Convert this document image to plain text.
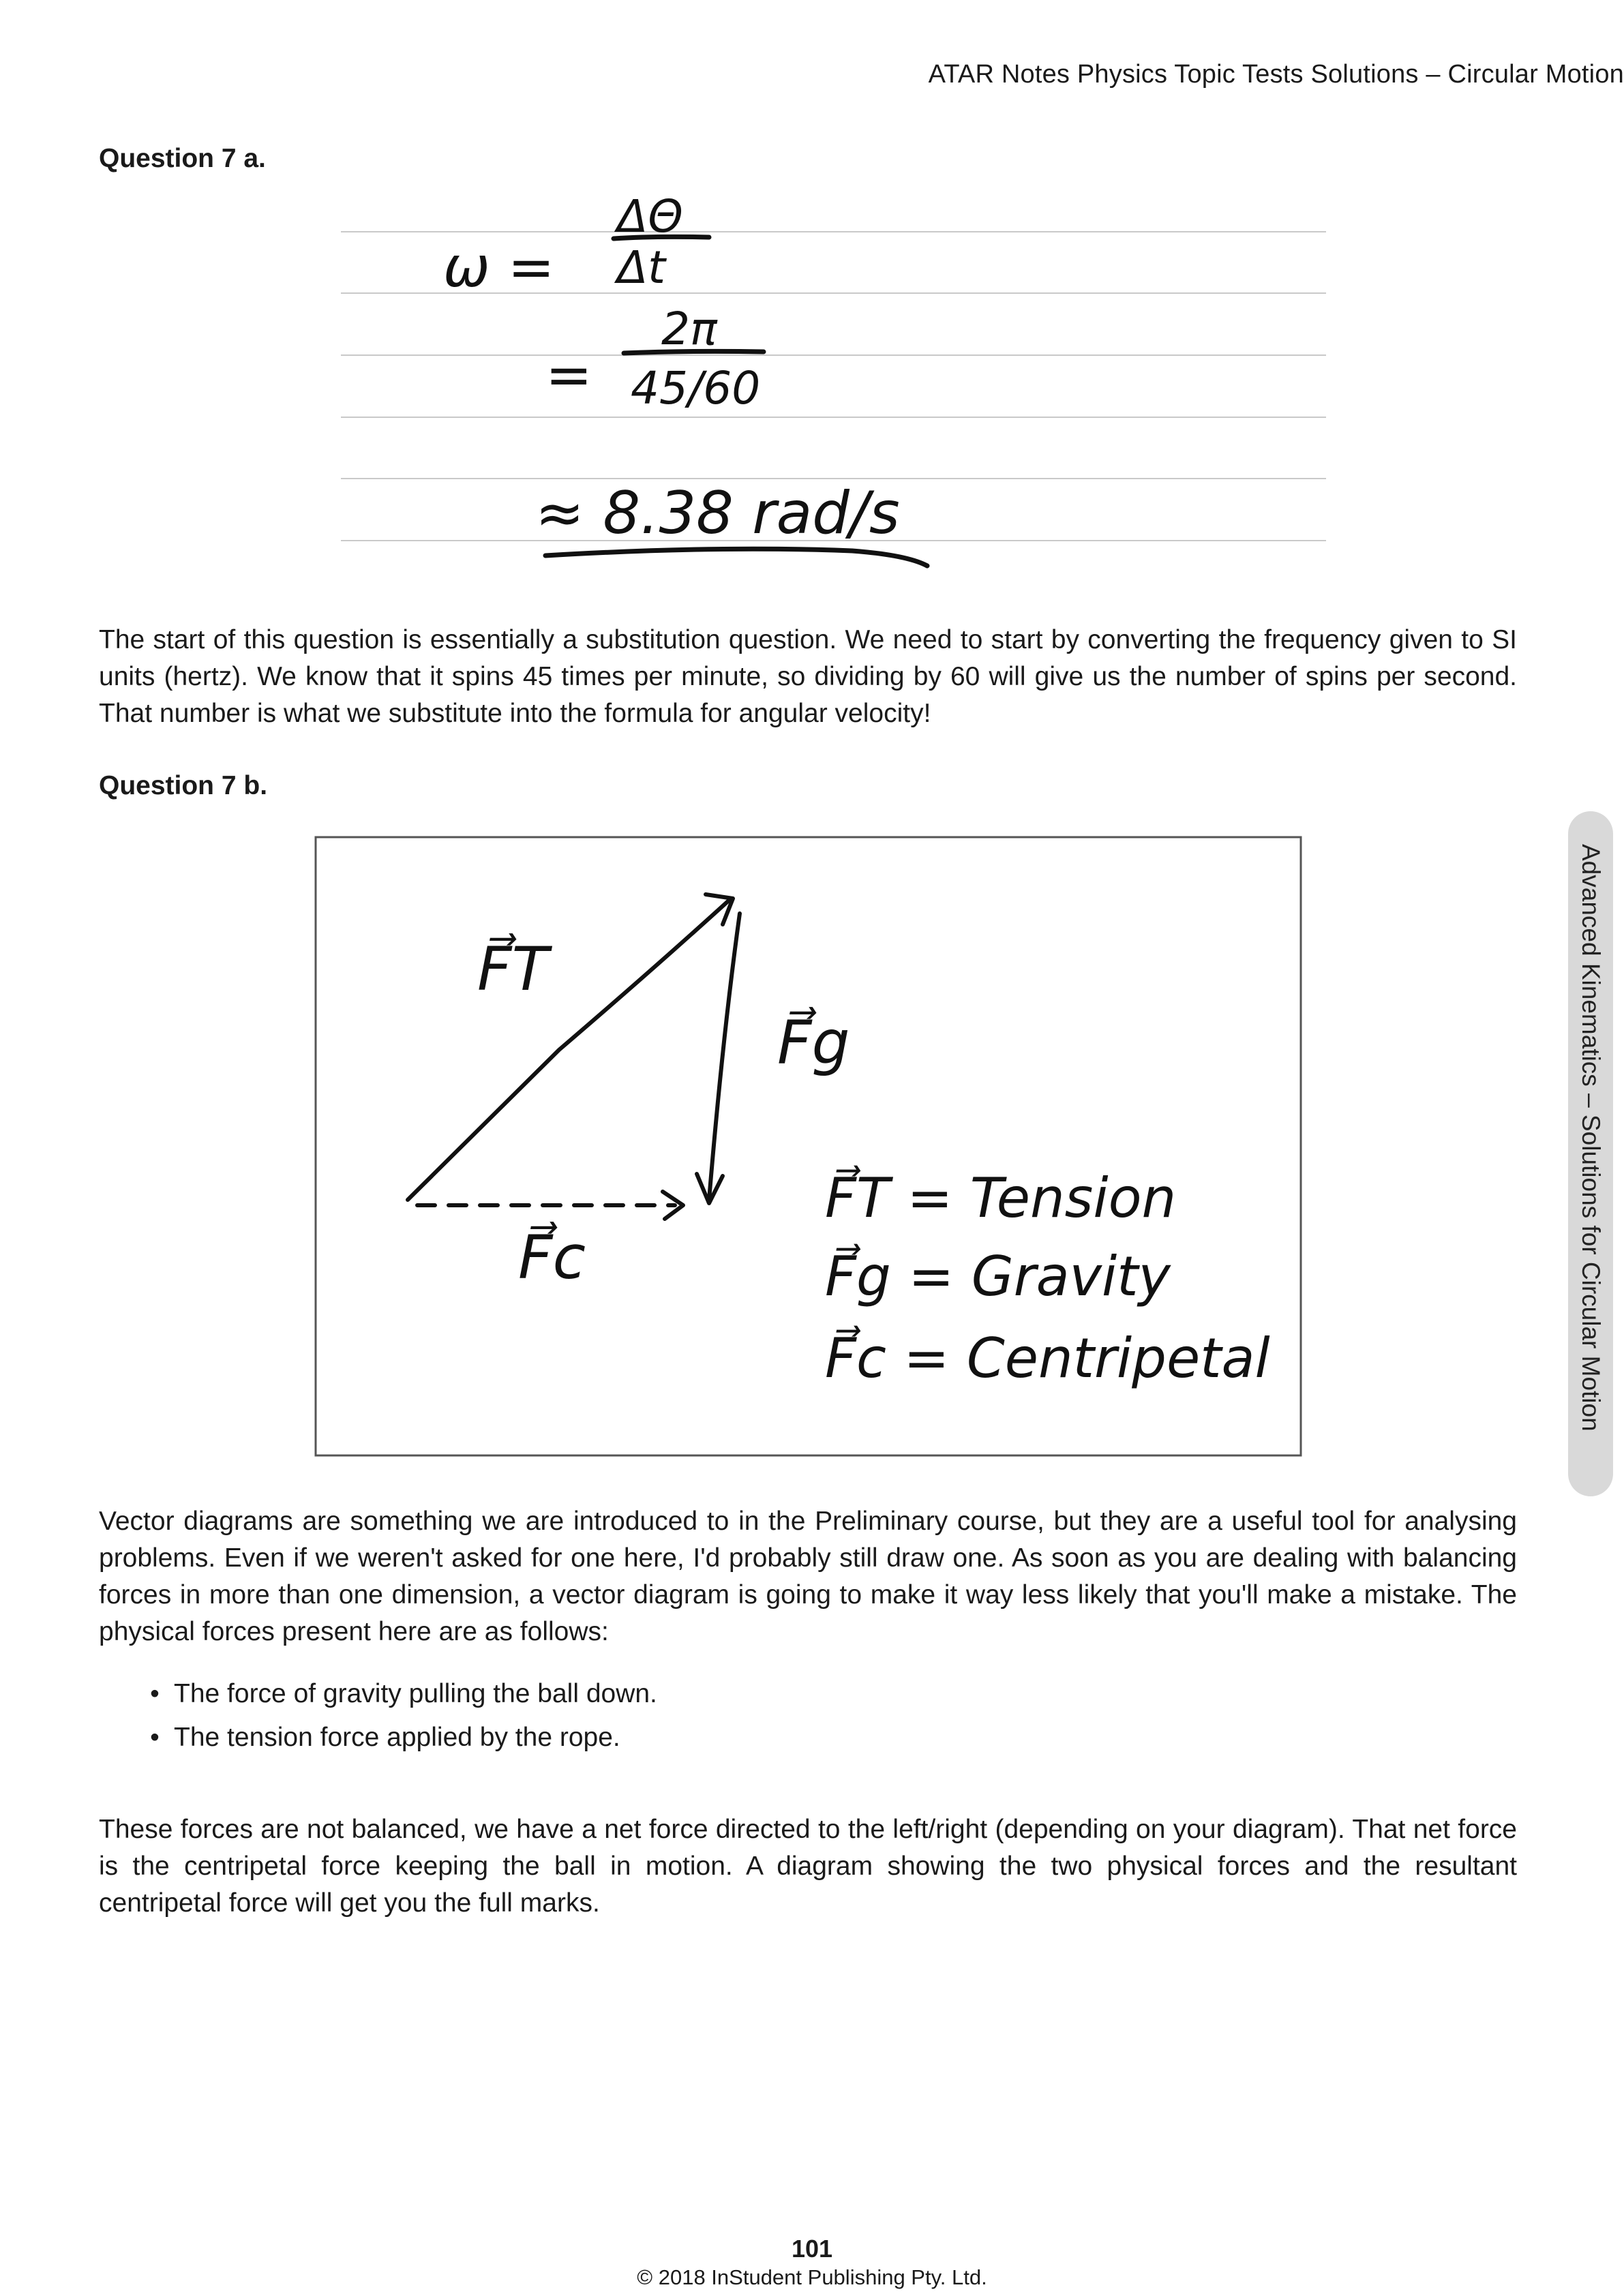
ATAR Notes Physics Topic Tests Solutions – Circular Motion
Question 7 a.
ω =
ΔΘ
Δt
=
2π
45/60
≈ 8.38 rad/s

The start of this question is essentially a substitution question. We need to start by converting the frequency given to SI units (hertz). We know that it spins 45 times per minute, so dividing by 60 will give us the number of spins per second. That number is what we substitute into the formula for angular velocity!

Question 7 b.
F⃗T
F⃗g
F⃗c
F⃗T = Tension
F⃗g = Gravity
F⃗c = Centripetal

Vector diagrams are something we are introduced to in the Preliminary course, but they are a useful tool for analysing problems. Even if we weren't asked for one here, I'd probably still draw one. As soon as you are dealing with balancing forces in more than one dimension, a vector diagram is going to make it way less likely that you'll make a mistake. The physical forces present here are as follows:

• The force of gravity pulling the ball down.
• The tension force applied by the rope.

These forces are not balanced, we have a net force directed to the left/right (depending on your diagram). That net force is the centripetal force keeping the ball in motion. A diagram showing the two physical forces and the resultant centripetal force will get you the full marks.

Advanced Kinematics – Solutions for Circular Motion
101
© 2018 InStudent Publishing Pty. Ltd.
